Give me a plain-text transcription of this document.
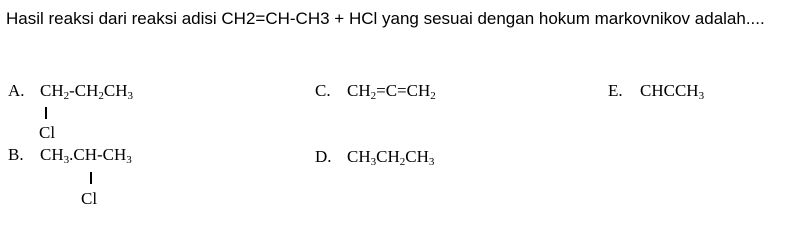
Hasil reaksi dari reaksi adisi CH2=CH-CH3 + HCl yang sesuai dengan hokum markovnikov adalah....
A. $CH_2-CH_2CH_3$
Cl
B. $CH_3.CH-CH_3$
Cl
C. $CH_2=C=CH_2$
D. $CH_3CH_2CH_3$
E. $CHCCH_3$
